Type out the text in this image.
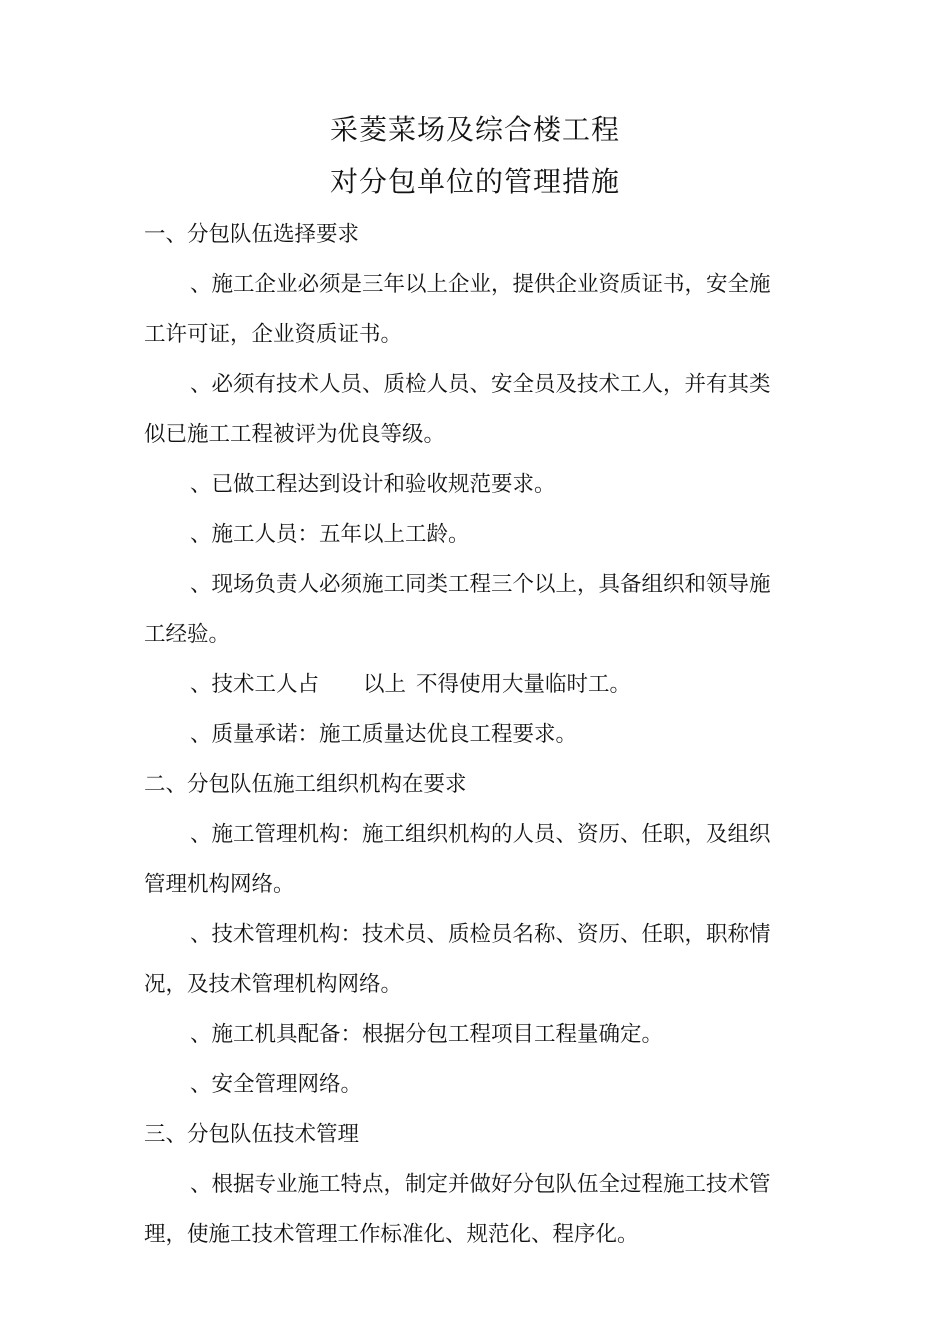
采菱菜场及综合楼工程
对分包单位的管理措施
一、分包队伍选择要求
、施工企业必须是三年以上企业，提供企业资质证书，安全施
工许可证，企业资质证书。
、必须有技术人员、质检人员、安全员及技术工人，并有其类
似已施工工程被评为优良等级。
、已做工程达到设计和验收规范要求。
、施工人员：五年以上工龄。
、现场负责人必须施工同类工程三个以上，具备组织和领导施
工经验。
、技术工人占 以上 不得使用大量临时工。
、质量承诺：施工质量达优良工程要求。
二、分包队伍施工组织机构在要求
、施工管理机构：施工组织机构的人员、资历、任职，及组织
管理机构网络。
、技术管理机构：技术员、质检员名称、资历、任职，职称情
况，及技术管理机构网络。
、施工机具配备：根据分包工程项目工程量确定。
、安全管理网络。
三、分包队伍技术管理
、根据专业施工特点，制定并做好分包队伍全过程施工技术管
理，使施工技术管理工作标准化、规范化、程序化。
